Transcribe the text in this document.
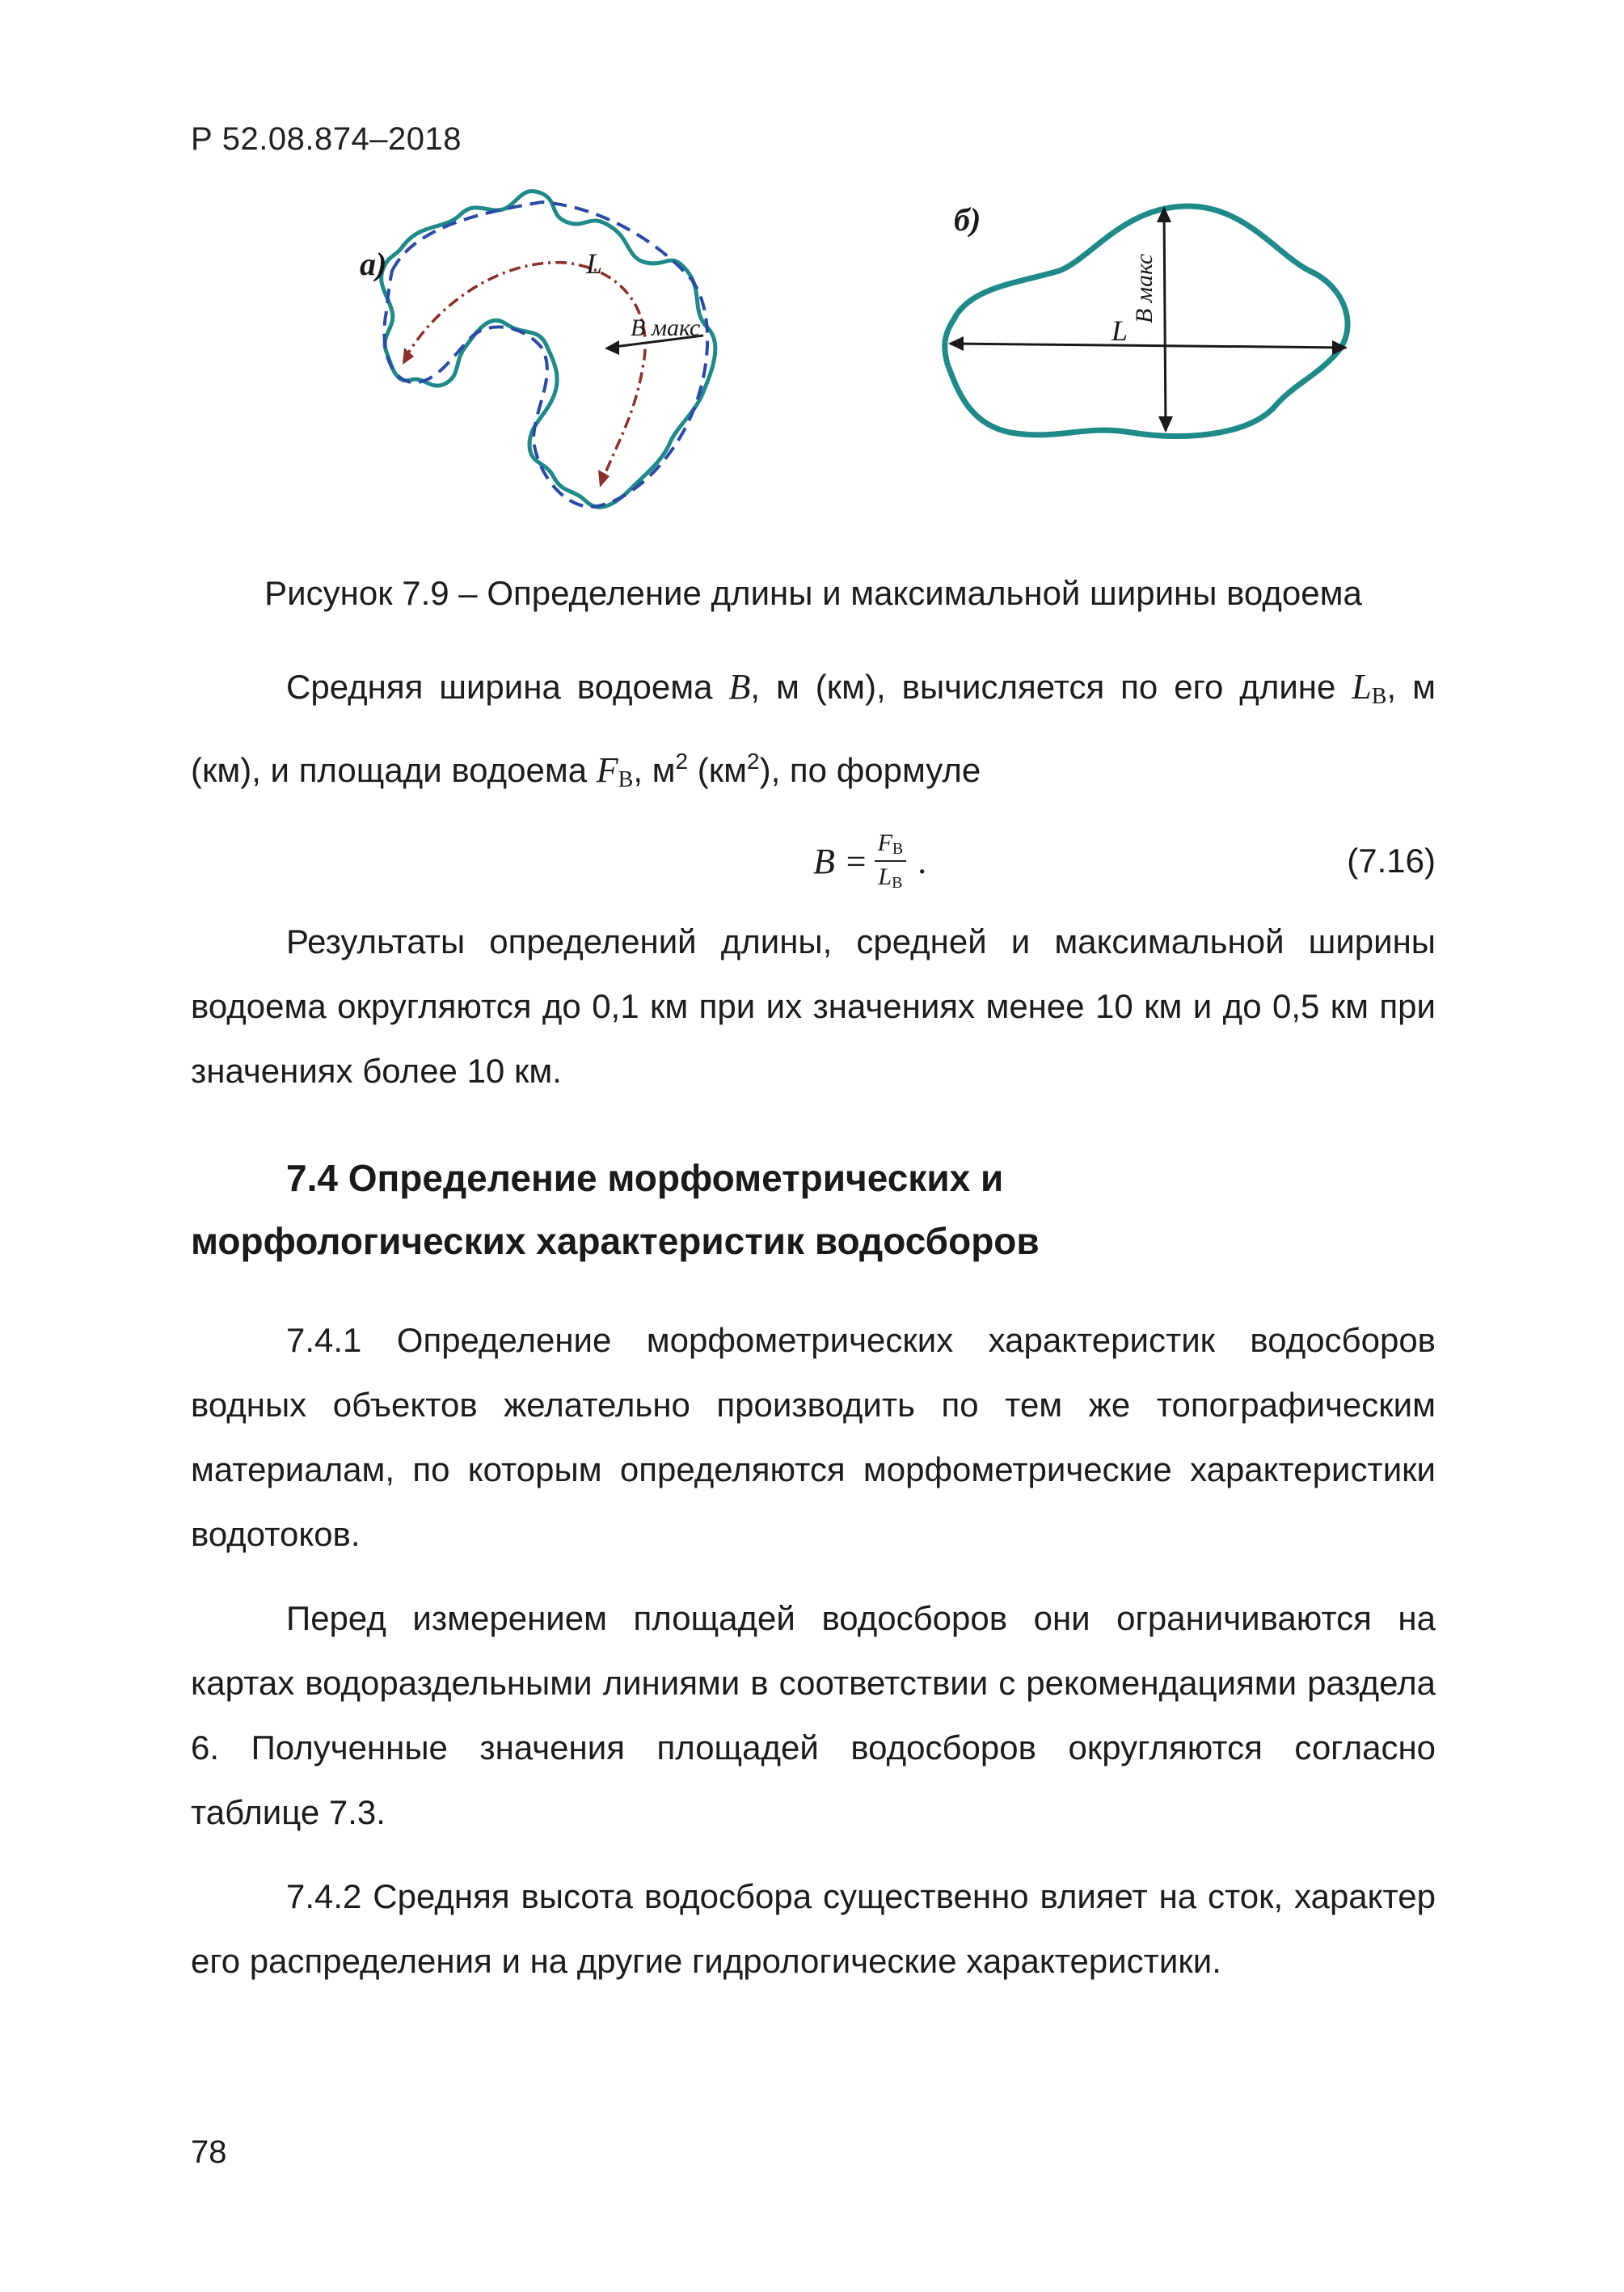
Р 52.08.874–2018
а)	L
B макс
б)
L
B макс
Рисунок 7.9 – Определение длины и максимальной ширины водоема
Средняя ширина водоема B, м (км), вычисляется по его длине $L_В$, м (км), и площади водоема $F_В$, $м^2$ $(км^2)$, по формуле
$B = \frac{FВ}{LВ}$ .	(7.16)
Результаты определений длины, средней и максимальной ширины водоема округляются до 0,1 км при их значениях менее 10 км и до 0,5 км при значениях более 10 км.
7.4 Определение морфометрических и
морфологических характеристик водосборов
7.4.1 Определение морфометрических характеристик водосборов водных объектов желательно производить по тем же топографическим материалам, по которым определяются морфометрические характеристики водотоков.
Перед измерением площадей водосборов они ограничиваются на картах водораздельными линиями в соответствии с рекомендациями раздела 6. Полученные значения площадей водосборов округляются согласно таблице 7.3.
7.4.2 Средняя высота водосбора существенно влияет на сток, характер его распределения и на другие гидрологические характеристики.
78
